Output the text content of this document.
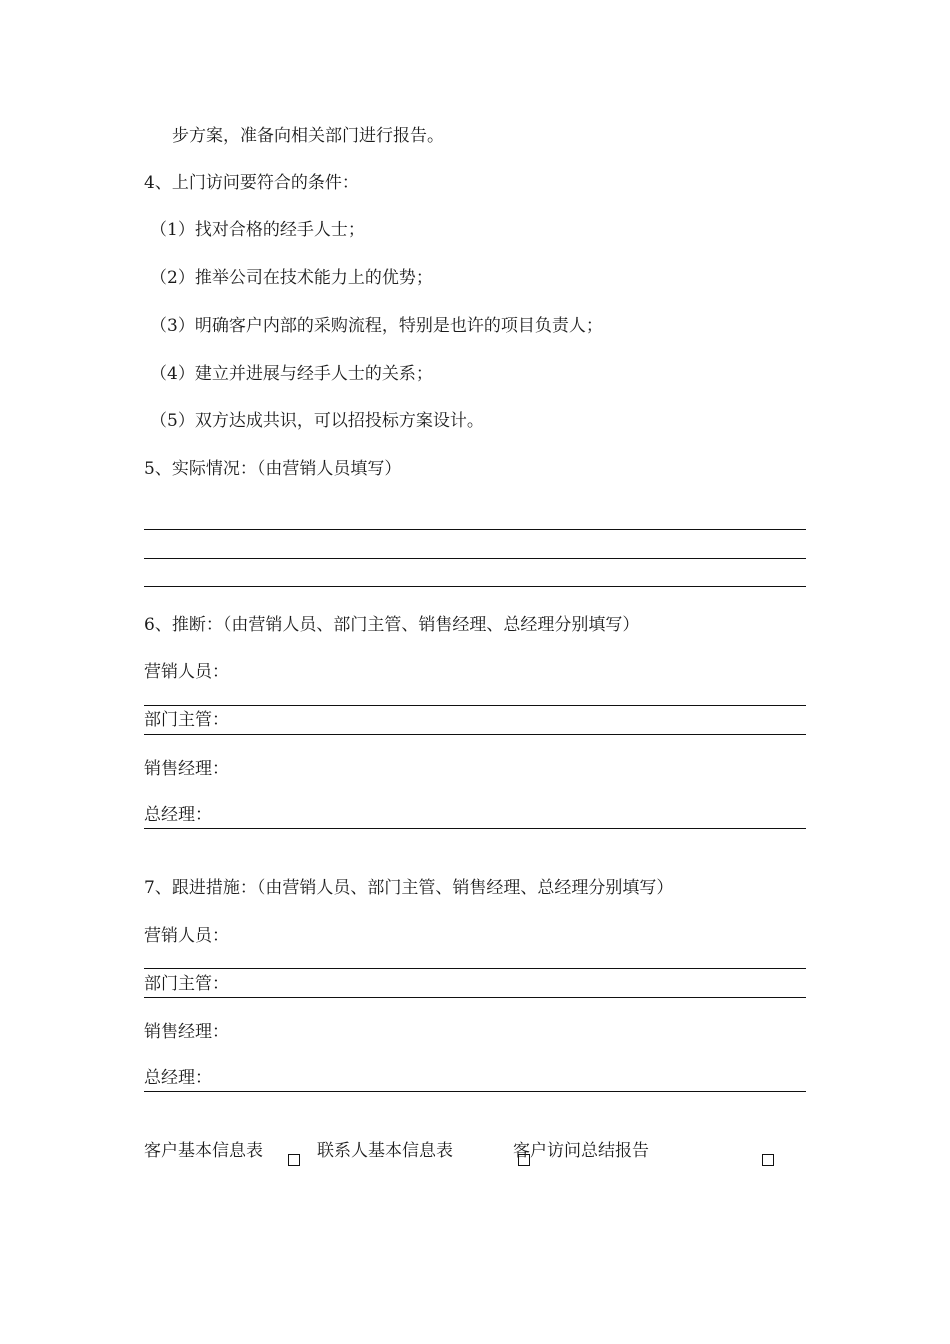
步方案，准备向相关部门进行报告。
4、上门访问要符合的条件：
（1）找对合格的经手人士；
（2）推举公司在技术能力上的优势；
（3）明确客户内部的采购流程，特别是也许的项目负责人；
（4）建立并进展与经手人士的关系；
（5）双方达成共识，可以招投标方案设计。
5、实际情况：（由营销人员填写）
6、推断：（由营销人员、部门主管、销售经理、总经理分别填写）
营销人员：
部门主管：
销售经理：
总经理：
7、跟进措施：（由营销人员、部门主管、销售经理、总经理分别填写）
营销人员：
部门主管：
销售经理：
总经理：
客户基本信息表	联系人基本信息表	客户访问总结报告
